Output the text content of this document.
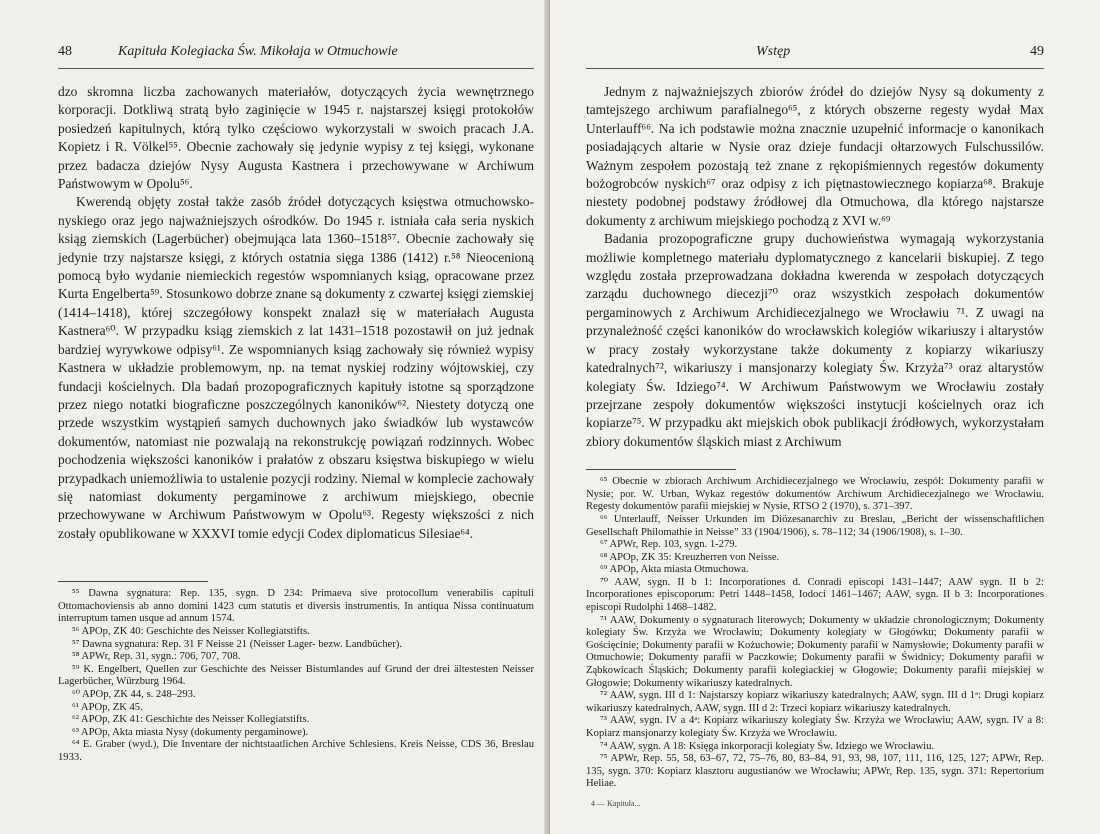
48	Kapituła Kolegiacka Św. Mikołaja w Otmuchowie

dzo skromna liczba zachowanych materiałów, dotyczących życia wewnętrznego korporacji. Dotkliwą stratą było zaginięcie w 1945 r. najstarszej księgi protokołów posiedzeń kapitulnych, którą tylko częściowo wykorzystali w swoich pracach J.A. Kopietz i R. Völkel⁵⁵. Obecnie zachowały się jedynie wypisy z tej księgi, wykonane przez badacza dziejów Nysy Augusta Kastnera i przechowywane w Archiwum Państwowym w Opolu⁵⁶.

Kwerendą objęty został także zasób źródeł dotyczących księstwa otmuchowsko-nyskiego oraz jego najważniejszych ośrodków. Do 1945 r. istniała cała seria nyskich ksiąg ziemskich (Lagerbücher) obejmująca lata 1360–1518⁵⁷. Obecnie zachowały się jedynie trzy najstarsze księgi, z których ostatnia sięga 1386 (1412) r.⁵⁸ Nieocenioną pomocą było wydanie niemieckich regestów wspomnianych ksiąg, opracowane przez Kurta Engelberta⁵⁹. Stosunkowo dobrze znane są dokumenty z czwartej księgi ziemskiej (1414–1418), której szczegółowy konspekt znalazł się w materiałach Augusta Kastnera⁶⁰. W przypadku ksiąg ziemskich z lat 1431–1518 pozostawił on już jednak bardziej wyrywkowe odpisy⁶¹. Ze wspomnianych ksiąg zachowały się również wypisy Kastnera w układzie problemowym, np. na temat nyskiej rodziny wójtowskiej, czy fundacji kościelnych. Dla badań prozopograficznych kapituły istotne są sporządzone przez niego notatki biograficzne poszczególnych kanoników⁶². Niestety dotyczą one przede wszystkim wystąpień samych duchownych jako świadków lub wystawców dokumentów, natomiast nie pozwalają na rekonstrukcję powiązań rodzinnych. Wobec pochodzenia większości kanoników i prałatów z obszaru księstwa biskupiego w wielu przypadkach uniemożliwia to ustalenie pozycji rodziny. Niemal w komplecie zachowały się natomiast dokumenty pergaminowe z archiwum miejskiego, obecnie przechowywane w Archiwum Państwowym w Opolu⁶³. Regesty większości z nich zostały opublikowane w XXXVI tomie edycji Codex diplomaticus Silesiae⁶⁴.

⁵⁵ Dawna sygnatura: Rep. 135, sygn. D 234: Primaeva sive protocollum venerabilis capituli Ottomachoviensis ab anno domini 1423 cum statutis et diversis instrumentis. In antiqua Nissa continuatum interruptum tamen usque ad annum 1574.

⁵⁶ APOp, ZK 40: Geschichte des Neisser Kollegiatstifts.

⁵⁷ Dawna sygnatura: Rep. 31 F Neisse 21 (Neisser Lager- bezw. Landbücher).

⁵⁸ APWr, Rep. 31, sygn.: 706, 707, 708.

⁵⁹ K. Engelbert, Quellen zur Geschichte des Neisser Bistumlandes auf Grund der drei ältestesten Neisser Lagerbücher, Würzburg 1964.

⁶⁰ APOp, ZK 44, s. 248–293.

⁶¹ APOp, ZK 45.

⁶² APOp, ZK 41: Geschichte des Neisser Kollegiatstifts.

⁶³ APOp, Akta miasta Nysy (dokumenty pergaminowe).

⁶⁴ E. Graber (wyd.), Die Inventare der nichtstaatlichen Archive Schlesiens. Kreis Neisse, CDS 36, Breslau 1933.

Wstęp	49

Jednym z najważniejszych zbiorów źródeł do dziejów Nysy są dokumenty z tamtejszego archiwum parafialnego⁶⁵, z których obszerne regesty wydał Max Unterlauff⁶⁶. Na ich podstawie można znacznie uzupełnić informacje o kanonikach posiadających altarie w Nysie oraz dzieje fundacji ołtarzowych Fulschussilów. Ważnym zespołem pozostają też znane z rękopiśmiennych regestów dokumenty bożogrobców nyskich⁶⁷ oraz odpisy z ich piętnastowiecznego kopiarza⁶⁸. Brakuje niestety podobnej podstawy źródłowej dla Otmuchowa, dla którego najstarsze dokumenty z archiwum miejskiego pochodzą z XVI w.⁶⁹

Badania prozopograficzne grupy duchowieństwa wymagają wykorzystania możliwie kompletnego materiału dyplomatycznego z kancelarii biskupiej. Z tego względu została przeprowadzana dokładna kwerenda w zespołach dotyczących zarządu duchownego diecezji⁷⁰ oraz wszystkich zespołach dokumentów pergaminowych z Archiwum Archidiecezjalnego we Wrocławiu ⁷¹. Z uwagi na przynależność części kanoników do wrocławskich kolegiów wikariuszy i altarystów w pracy zostały wykorzystane także dokumenty z kopiarzy wikariuszy katedralnych⁷², wikariuszy i mansjonarzy kolegiaty Św. Krzyża⁷³ oraz altarystów kolegiaty Św. Idziego⁷⁴. W Archiwum Państwowym we Wrocławiu zostały przejrzane zespoły dokumentów większości instytucji kościelnych oraz ich kopiarze⁷⁵. W przypadku akt miejskich obok publikacji źródłowych, wykorzystałam zbiory dokumentów śląskich miast z Archiwum

⁶⁵ Obecnie w zbiorach Archiwum Archidiecezjalnego we Wrocławiu, zespół: Dokumenty parafii w Nysie; por. W. Urban, Wykaz regestów dokumentów Archiwum Archidiecezjalnego we Wrocławiu. Regesty dokumentów parafii miejskiej w Nysie, RTSO 2 (1970), s. 371–397.

⁶⁶ Unterlauff, Neisser Urkunden im Diözesanarchiv zu Breslau, „Bericht der wissenschaftlichen Gesellschaft Philomathie in Neisse” 33 (1904/1906), s. 78–112; 34 (1906/1908), s. 1–30.

⁶⁷ APWr, Rep. 103, sygn. 1-279.

⁶⁸ APOp, ZK 35: Kreuzherren von Neisse.

⁶⁹ APOp, Akta miasta Otmuchowa.

⁷⁰ AAW, sygn. II b 1: Incorporationes d. Conradi episcopi 1431–1447; AAW sygn. II b 2: Incorporationes episcoporum: Petri 1448–1458, Iodoci 1461–1467; AAW, sygn. II b 3: Incorporationes episcopi Rudolphi 1468–1482.

⁷¹ AAW, Dokumenty o sygnaturach literowych; Dokumenty w układzie chronologicznym; Dokumenty kolegiaty Św. Krzyża we Wrocławiu; Dokumenty kolegiaty w Głogówku; Dokumenty parafii w Gościęcinie; Dokumenty parafii w Kożuchowie; Dokumenty parafii w Namysłowie; Dokumenty parafii w Otmuchowie; Dokumenty parafii w Paczkowie; Dokumenty parafii w Świdnicy; Dokumenty parafii w Ząbkowicach Śląskich; Dokumenty parafii kolegiackiej w Głogowie; Dokumenty parafii miejskiej w Głogowie; Dokumenty wikariuszy katedralnych.

⁷² AAW, sygn. III d 1: Najstarszy kopiarz wikariuszy katedralnych; AAW, sygn. III d 1ᵃ: Drugi kopiarz wikariuszy katedralnych, AAW, sygn. III d 2: Trzeci kopiarz wikariuszy katedralnych.

⁷³ AAW, sygn. IV a 4ᵃ: Kopiarz wikariuszy kolegiaty Św. Krzyża we Wrocławiu; AAW, sygn. IV a 8: Kopiarz mansjonarzy kolegiaty Św. Krzyża we Wrocławiu.

⁷⁴ AAW, sygn. A 18: Księga inkorporacji kolegiaty Św. Idziego we Wrocławiu.

⁷⁵ APWr, Rep. 55, 58, 63–67, 72, 75–76, 80, 83–84, 91, 93, 98, 107, 111, 116, 125, 127; APWr, Rep. 135, sygn. 370: Kopiarz klasztoru augustianów we Wrocławiu; APWr, Rep. 135, sygn. 371: Repertorium Heliae.

4 — Kapituła...
